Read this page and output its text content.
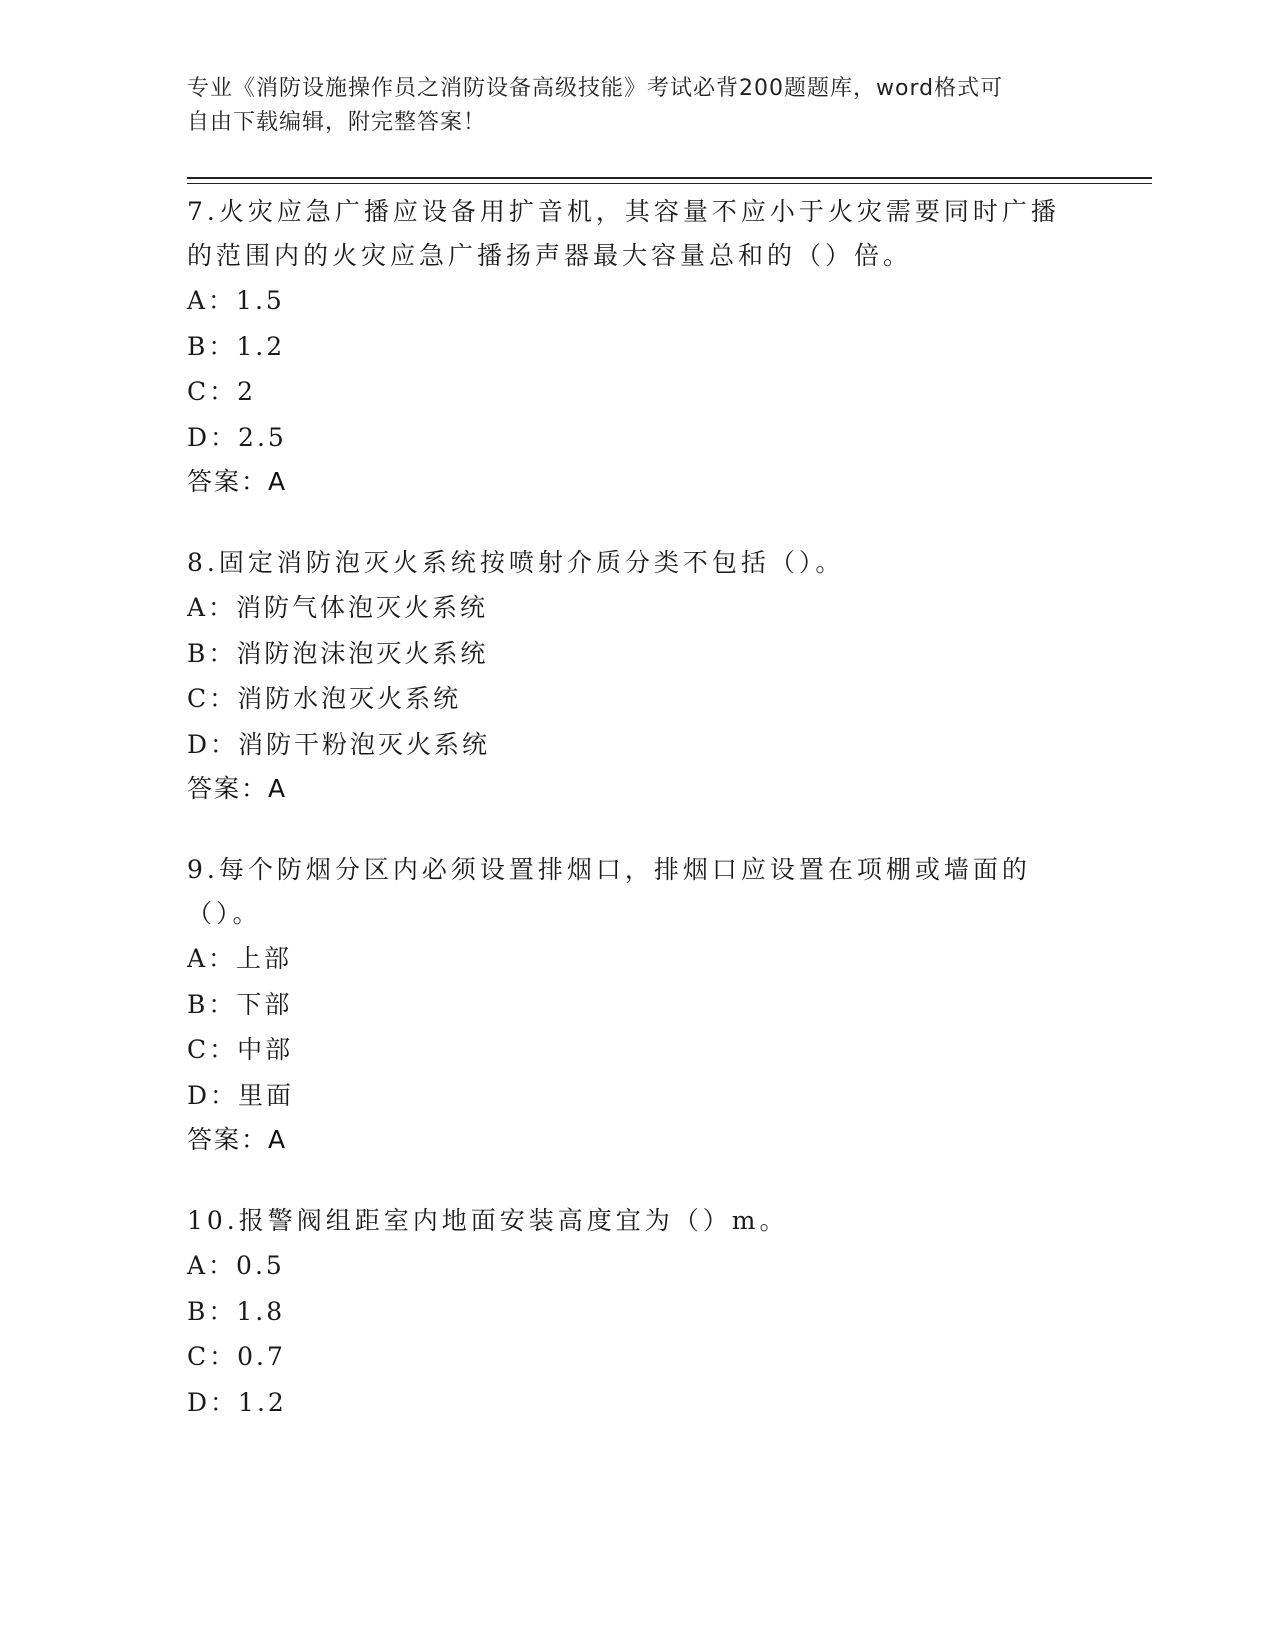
专业《消防设施操作员之消防设备高级技能》考试必背200题题库，word格式可
自由下载编辑，附完整答案！
7.火灾应急广播应设备用扩音机，其容量不应小于火灾需要同时广播的范围内的火灾应急广播扬声器最大容量总和的（）倍。
A：1.5
B：1.2
C：2
D：2.5
答案：A
8.固定消防泡灭火系统按喷射介质分类不包括（）。
A：消防气体泡灭火系统
B：消防泡沫泡灭火系统
C：消防水泡灭火系统
D：消防干粉泡灭火系统
答案：A
9.每个防烟分区内必须设置排烟口，排烟口应设置在项棚或墙面的（）。
A：上部
B：下部
C：中部
D：里面
答案：A
10.报警阀组距室内地面安装高度宜为（）m。
A：0.5
B：1.8
C：0.7
D：1.2
